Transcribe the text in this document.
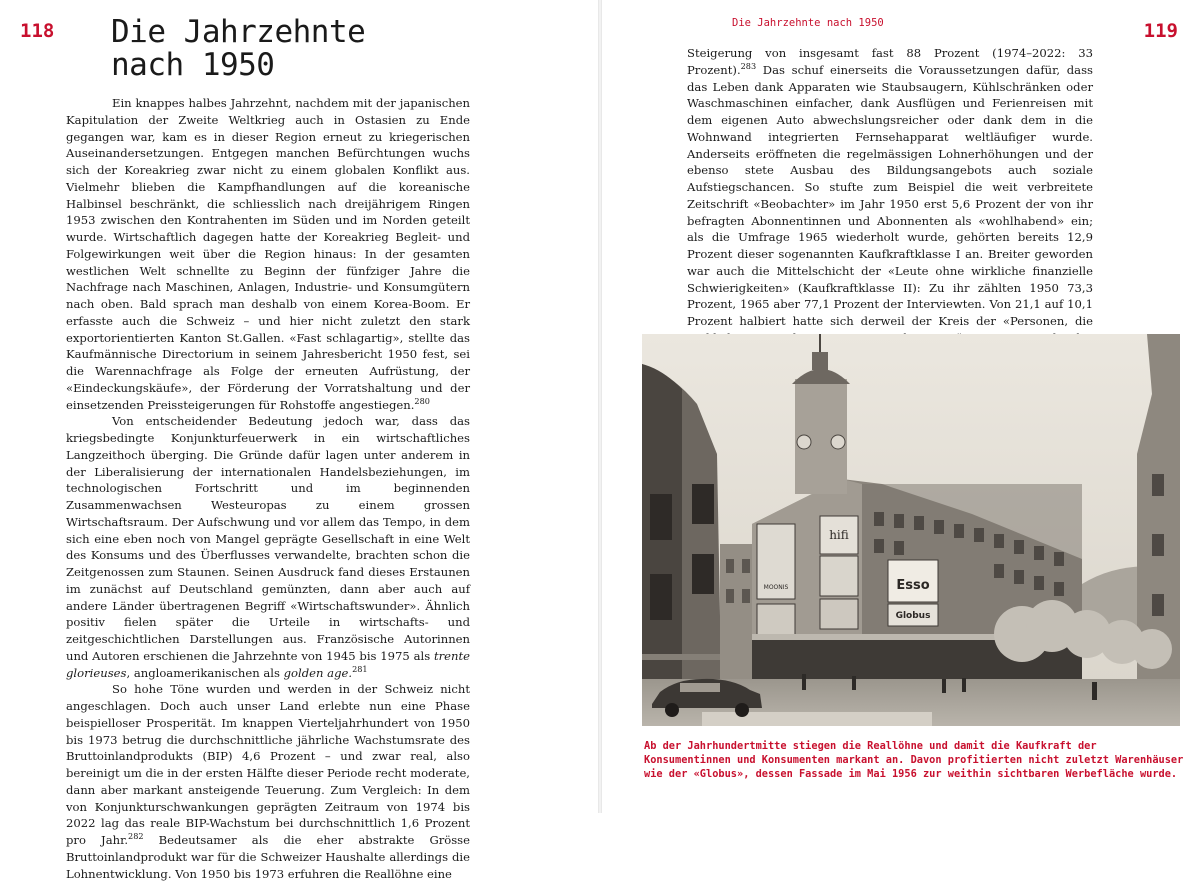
118 Die Jahrzehnte
nach 1950

Ein knappes halbes Jahrzehnt, nachdem mit der japanischen Kapitulation der Zweite Weltkrieg auch in Ostasien zu Ende gegangen war, kam es in dieser Region erneut zu kriegerischen Auseinandersetzungen. Entgegen manchen Befürchtungen wuchs sich der Koreakrieg zwar nicht zu einem globalen Konflikt aus. Vielmehr blieben die Kampfhandlungen auf die koreanische Halbinsel beschränkt, die schliesslich nach dreijährigem Ringen 1953 zwischen den Kontrahenten im Süden und im Norden geteilt wurde. Wirtschaftlich dagegen hatte der Koreakrieg Begleit- und Folgewirkungen weit über die Region hinaus: In der gesamten westlichen Welt schnellte zu Beginn der fünfziger Jahre die Nachfrage nach Maschinen, Anlagen, Industrie- und Konsumgütern nach oben. Bald sprach man deshalb von einem Korea-Boom. Er erfasste auch die Schweiz – und hier nicht zuletzt den stark exportorientierten Kanton St.Gallen. «Fast schlagartig», stellte das Kaufmännische Directorium in seinem Jahresbericht 1950 fest, sei die Warennachfrage als Folge der erneuten Aufrüstung, der «Eindeckungskäufe», der Förderung der Vorratshaltung und der einsetzenden Preissteigerungen für Rohstoffe angestiegen.$^{280}$

Von entscheidender Bedeutung jedoch war, dass das kriegsbedingte Konjunkturfeuerwerk in ein wirtschaftliches Langzeithoch überging. Die Gründe dafür lagen unter anderem in der Liberalisierung der internationalen Handelsbeziehungen, im technologischen Fortschritt und im beginnenden Zusammenwachsen Westeuropas zu einem grossen Wirtschaftsraum. Der Aufschwung und vor allem das Tempo, in dem sich eine eben noch von Mangel geprägte Gesellschaft in eine Welt des Konsums und des Überflusses verwandelte, brachten schon die Zeitgenossen zum Staunen. Seinen Ausdruck fand dieses Erstaunen im zunächst auf Deutschland gemünzten, dann aber auch auf andere Länder übertragenen Begriff «Wirtschaftswunder». Ähnlich positiv fielen später die Urteile in wirtschafts- und zeitgeschichtlichen Darstellungen aus. Französische Autorinnen und Autoren erschienen die Jahrzehnte von 1945 bis 1975 als trente glorieuses, angloamerikanischen als golden age.$^{281}$

So hohe Töne wurden und werden in der Schweiz nicht angeschlagen. Doch auch unser Land erlebte nun eine Phase beispielloser Prosperität. Im knappen Vierteljahrhundert von 1950 bis 1973 betrug die durchschnittliche jährliche Wachstumsrate des Bruttoinlandprodukts (BIP) 4,6 Prozent – und zwar real, also bereinigt um die in der ersten Hälfte dieser Periode recht moderate, dann aber markant ansteigende Teuerung. Zum Vergleich: In dem von Konjunkturschwankungen geprägten Zeitraum von 1974 bis 2022 lag das reale BIP-Wachstum bei durchschnittlich 1,6 Prozent pro Jahr.$^{282}$ Bedeutsamer als die eher abstrakte Grösse Bruttoinlandprodukt war für die Schweizer Haushalte allerdings die Lohnentwicklung. Von 1950 bis 1973 erfuhren die Reallöhne eine

Die Jahrzehnte nach 1950	119

Steigerung von insgesamt fast 88 Prozent (1974–2022: 33 Prozent).$^{283}$ Das schuf einerseits die Voraussetzungen dafür, dass das Leben dank Apparaten wie Staubsaugern, Kühlschränken oder Waschmaschinen einfacher, dank Ausflügen und Ferienreisen mit dem eigenen Auto abwechslungsreicher oder dank dem in die Wohnwand integrierten Fernsehapparat weltläufiger wurde. Anderseits eröffneten die regelmässigen Lohnerhöhungen und der ebenso stete Ausbau des Bildungsangebots auch soziale Aufstiegschancen. So stufte zum Beispiel die weit verbreitete Zeitschrift «Beobachter» im Jahr 1950 erst 5,6 Prozent der von ihr befragten Abonnentinnen und Abonnenten als «wohlhabend» ein; als die Umfrage 1965 wiederholt wurde, gehörten bereits 12,9 Prozent dieser sogenannten Kaufkraftklasse I an. Breiter geworden war auch die Mittelschicht der «Leute ohne wirkliche finanzielle Schwierigkeiten» (Kaufkraftklasse II): Zu ihr zählten 1950 73,3 Prozent, 1965 aber 77,1 Prozent der Interviewten. Von 21,1 auf 10,1 Prozent halbiert hatte sich derweil der Kreis der «Personen, die

Esso
Globus
hifi
MOONIS

Ab der Jahrhundertmitte stiegen die Reallöhne und damit die Kaufkraft der Konsumentinnen und Konsumenten markant an. Davon profitierten nicht zuletzt Warenhäuser wie der «Globus», dessen Fassade im Mai 1956 zur weithin sichtbaren Werbefläche wurde.
